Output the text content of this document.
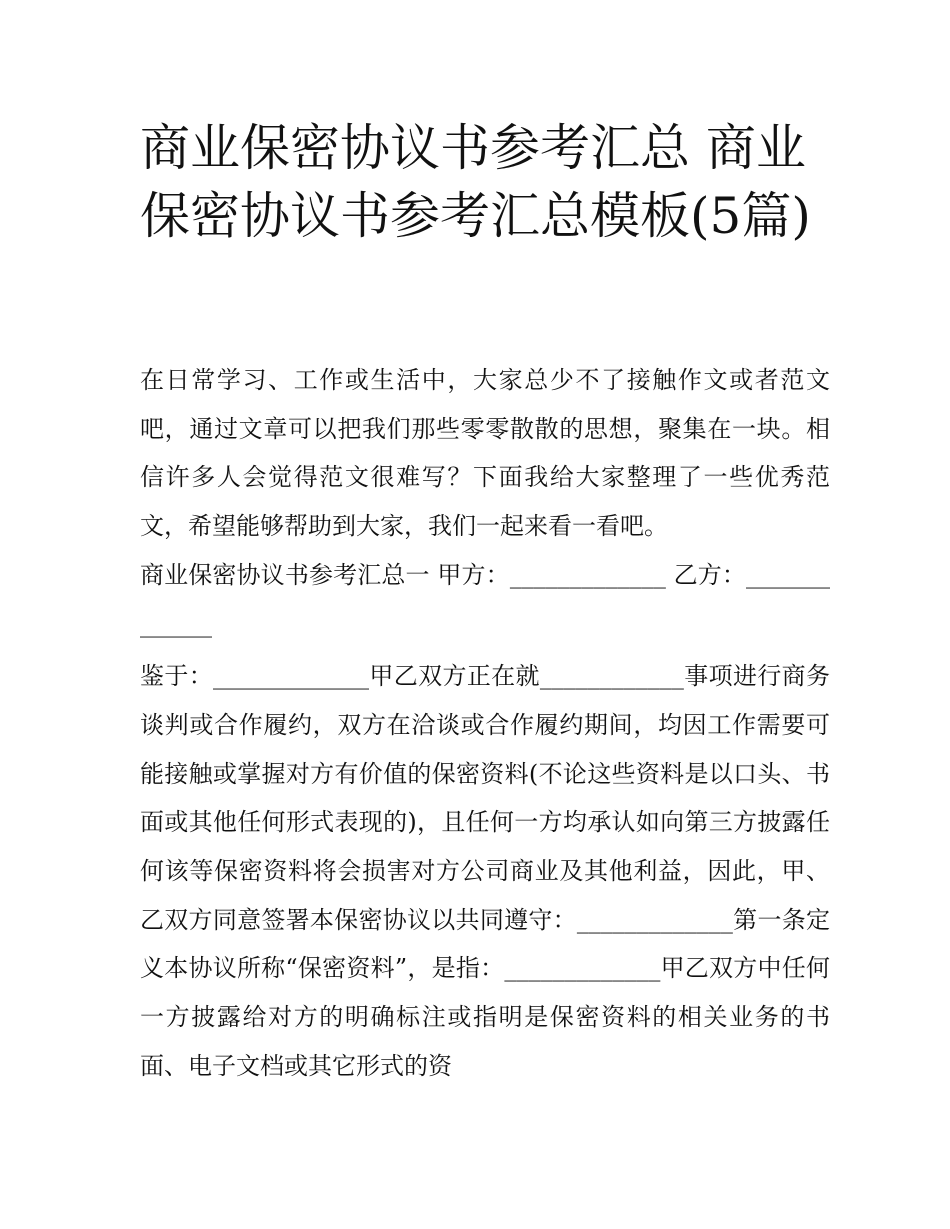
商业保密协议书参考汇总 商业保密协议书参考汇总模板(5篇)

在日常学习、工作或生活中，大家总少不了接触作文或者范文吧，通过文章可以把我们那些零零散散的思想，聚集在一块。相信许多人会觉得范文很难写？下面我给大家整理了一些优秀范文，希望能够帮助到大家，我们一起来看一看吧。

商业保密协议书参考汇总一 甲方：_____________ 乙方：_____________

鉴于：_____________甲乙双方正在就____________事项进行商务谈判或合作履约，双方在洽谈或合作履约期间，均因工作需要可能接触或掌握对方有价值的保密资料(不论这些资料是以口头、书面或其他任何形式表现的)，且任何一方均承认如向第三方披露任何该等保密资料将会损害对方公司商业及其他利益，因此，甲、乙双方同意签署本保密协议以共同遵守：_____________第一条定义本协议所称“保密资料”，是指：_____________甲乙双方中任何一方披露给对方的明确标注或指明是保密资料的相关业务的书面、电子文档或其它形式的资
